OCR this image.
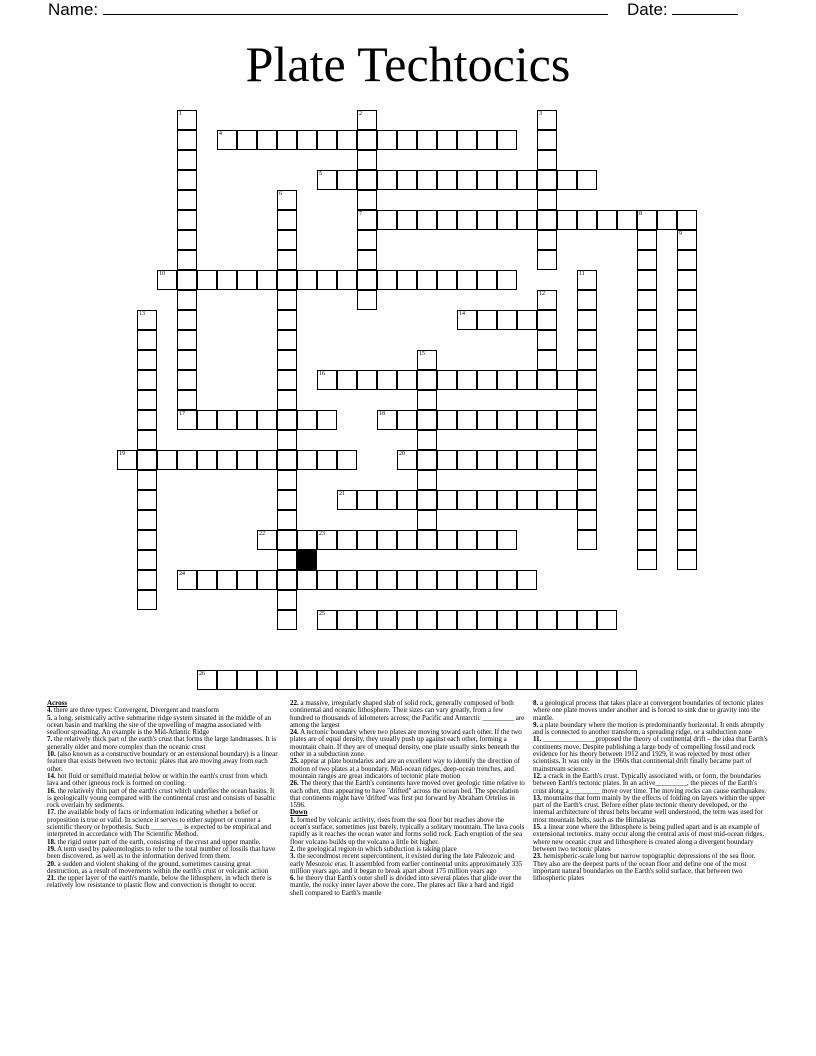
Name:	Date:
Plate Techtocics
1
17
2
7
3
4
5
6
8
9
10	11
12
13	14
15
16
18
19	20
21
22	23
24
25
26

Across

4. there are three types: Convergent, Divergent and transform

5. a long, seismically active submarine ridge system situated in the middle of an ocean basin and marking the site of the upwelling of magma associated with seafloor spreading. An example is the Mid-Atlantic Ridge

7. the relatively thick part of the earth's crust that forms the large landmasses. It is generally older and more complex than the oceanic crust

10. (also known as a constructive boundary or an extensional boundary) is a linear feature that exists between two tectonic plates that are moving away from each other.

14. hot fluid or semifluid material below or within the earth's crust from which lava and other igneous rock is formed on cooling.

16. the relatively thin part of the earth's crust which underlies the ocean basins. It is geologically young compared with the continental crust and consists of basaltic rock overlain by sediments.

17. the available body of facts or information indicating whether a belief or proposition is true or valid. In science it serves to either support or counter a scientific theory or hypothesis. Such _________ is expected to be empirical and interpreted in accordance with The Scientific Method.

18. the rigid outer part of the earth, consisting of the crust and upper mantle.

19. A term used by paleontologists to refer to the total number of fossils that have been discovered, as well as to the information derived from them.

20. a sudden and violent shaking of the ground, sometimes causing great destruction, as a result of movements within the earth's crust or volcanic action

21. the upper layer of the earth's mantle, below the lithosphere, in which there is relatively low resistance to plastic flow and convection is thought to occur.

22. a massive, irregularly shaped slab of solid rock, generally composed of both continental and oceanic lithosphere. Their sizes can vary greatly, from a few hundred to thousands of kilometers across; the Pacific and Antarctic _________ are among the largest

24. A tectonic boundary where two plates are moving toward each other. If the two plates are of equal density, they usually push up against each other, forming a mountain chain. If they are of unequal density, one plate usually sinks beneath the other in a subduction zone.

25. appear at plate boundaries and are an excellent way to identify the direction of motion of two plates at a boundary. Mid-ocean ridges, deep-ocean trenches, and mountain ranges are great indicators of tectonic plate motion

26. The theory that the Earth's continents have moved over geologic time relative to each other, thus appearing to have "drifted" across the ocean bed. The speculation that continents might have 'drifted' was first put forward by Abraham Ortelius in 1596.

Down

1. formed by volcanic activity, rises from the sea floor but reaches above the ocean's surface, sometimes just barely, typically a solitary mountain. The lava cools rapidly as it reaches the ocean water and forms solid rock. Each eruption of the sea floor volcano builds up the volcano a little bit higher.

2. the goelogical region in which subduction is taking place

3. the secondmost recent supercontinent, it existed during the late Paleozoic and early Mesozoic eras. It assembled from earlier continental units approximately 335 million years ago, and it began to break apart about 175 million years ago

6. he theory that Earth's outer shell is divided into several plates that glide over the mantle, the rocky inner layer above the core. The plates act like a hard and rigid shell compared to Earth's mantle

8. a geological process that takes place at convergent boundaries of tectonic plates where one plate moves under another and is forced to sink due to gravity into the mantle.

9. a plate boundary where the motion is predominantly horizontal. It ends abruptly and is connected to another transform, a spreading ridge, or a subduction zone

11. _______________proposed the theory of continental drift – the idea that Earth's continents move. Despite publishing a large body of compelling fossil and rock evidence for his theory between 1912 and 1929, it was rejected by most other scientists. It was only in the 1960s that continental drift finally became part of mainstream science.

12. a crack in the Earth's crust. Typically associated with, or form, the boundaries between Earth's tectonic plates. In an active_________, the pieces of the Earth's crust along a_________ move over time. The moving rocks can cause earthquakes.

13. mountains that form mainly by the effects of folding on layers within the upper part of the Earth's crust. Before either plate tectonic theory developed, or the internal architecture of thrust belts became well understood, the term was used for most mountain belts, such as the Himalayas

15. a linear zone where the lithosphere is being pulled apart and is an example of extensional tectonics. many occur along the central axis of most mid-ocean ridges, where new oceanic crust and lithosphere is created along a divergent boundary between two tectonic plates

23. hemispheric-scale long but narrow topographic depressions of the sea floor. They also are the deepest parts of the ocean floor and define one of the most important natural boundaries on the Earth's solid surface, that between two lithospheric plates
